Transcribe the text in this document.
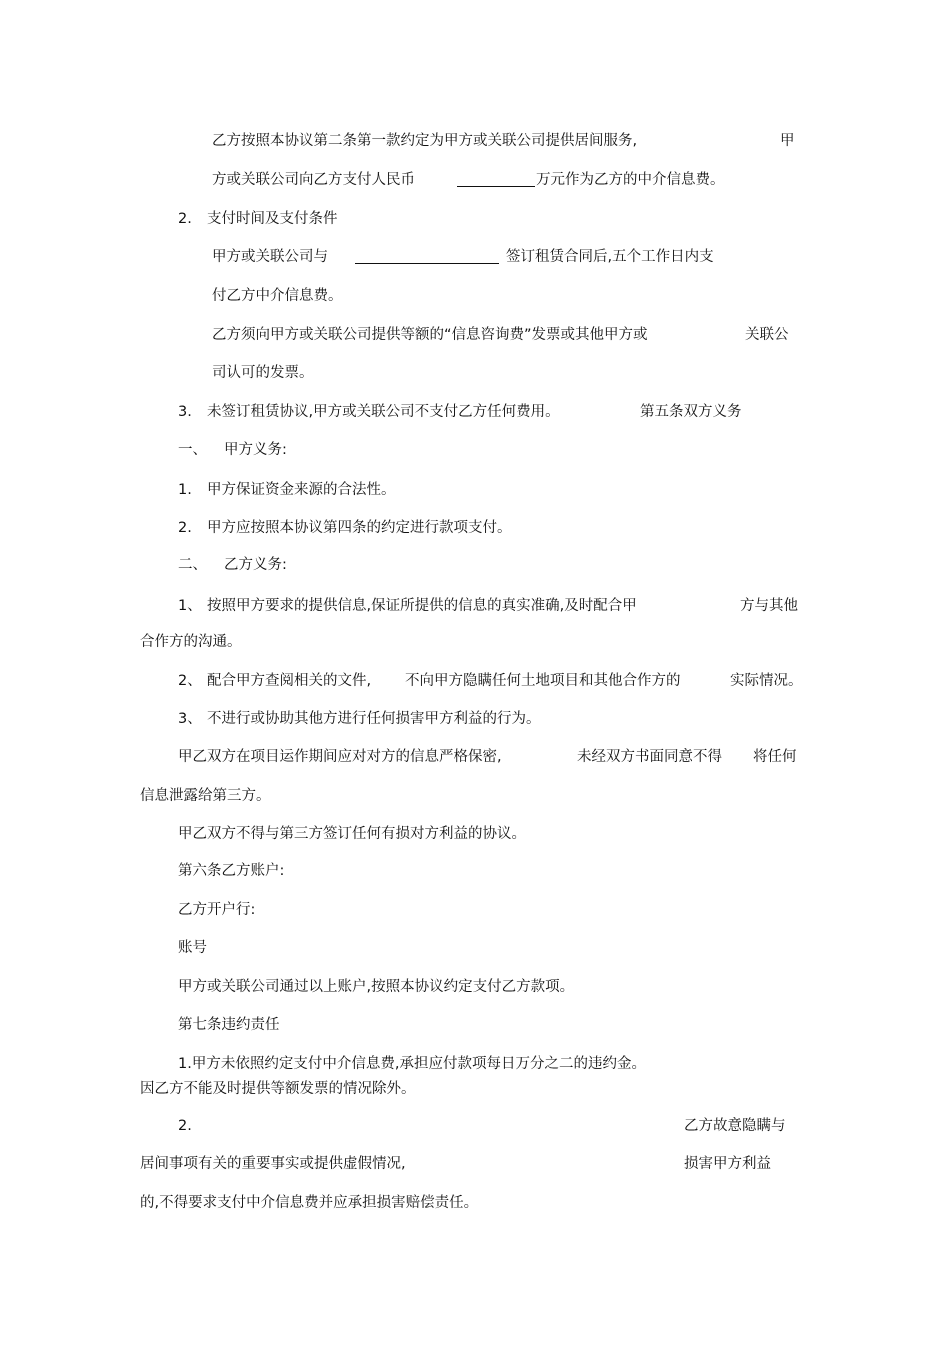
乙方按照本协议第二条第一款约定为甲方或关联公司提供居间服务,	甲
方或关联公司向乙方支付人民币	万元作为乙方的中介信息费。
2. 支付时间及支付条件
甲方或关联公司与	签订租赁合同后,五个工作日内支
付乙方中介信息费。
乙方须向甲方或关联公司提供等额的“信息咨询费”发票或其他甲方或	关联公
司认可的发票。
3. 未签订租赁协议,甲方或关联公司不支付乙方任何费用。	第五条双方义务
一、 甲方义务:
1. 甲方保证资金来源的合法性。
2. 甲方应按照本协议第四条的约定进行款项支付。
二、 乙方义务:
1、 按照甲方要求的提供信息,保证所提供的信息的真实准确,及时配合甲	方与其他
合作方的沟通。
2、 配合甲方查阅相关的文件, 不向甲方隐瞒任何土地项目和其他合作方的	实际情况。
3、 不进行或协助其他方进行任何损害甲方利益的行为。
甲乙双方在项目运作期间应对对方的信息严格保密,	未经双方书面同意不得 将任何
信息泄露给第三方。
甲乙双方不得与第三方签订任何有损对方利益的协议。
第六条乙方账户:
乙方开户行:
账号
甲方或关联公司通过以上账户,按照本协议约定支付乙方款项。
第七条违约责任
1.甲方未依照约定支付中介信息费,承担应付款项每日万分之二的违约金。
因乙方不能及时提供等额发票的情况除外。
2.	乙方故意隐瞒与
居间事项有关的重要事实或提供虚假情况,	损害甲方利益
的,不得要求支付中介信息费并应承担损害赔偿责任。
